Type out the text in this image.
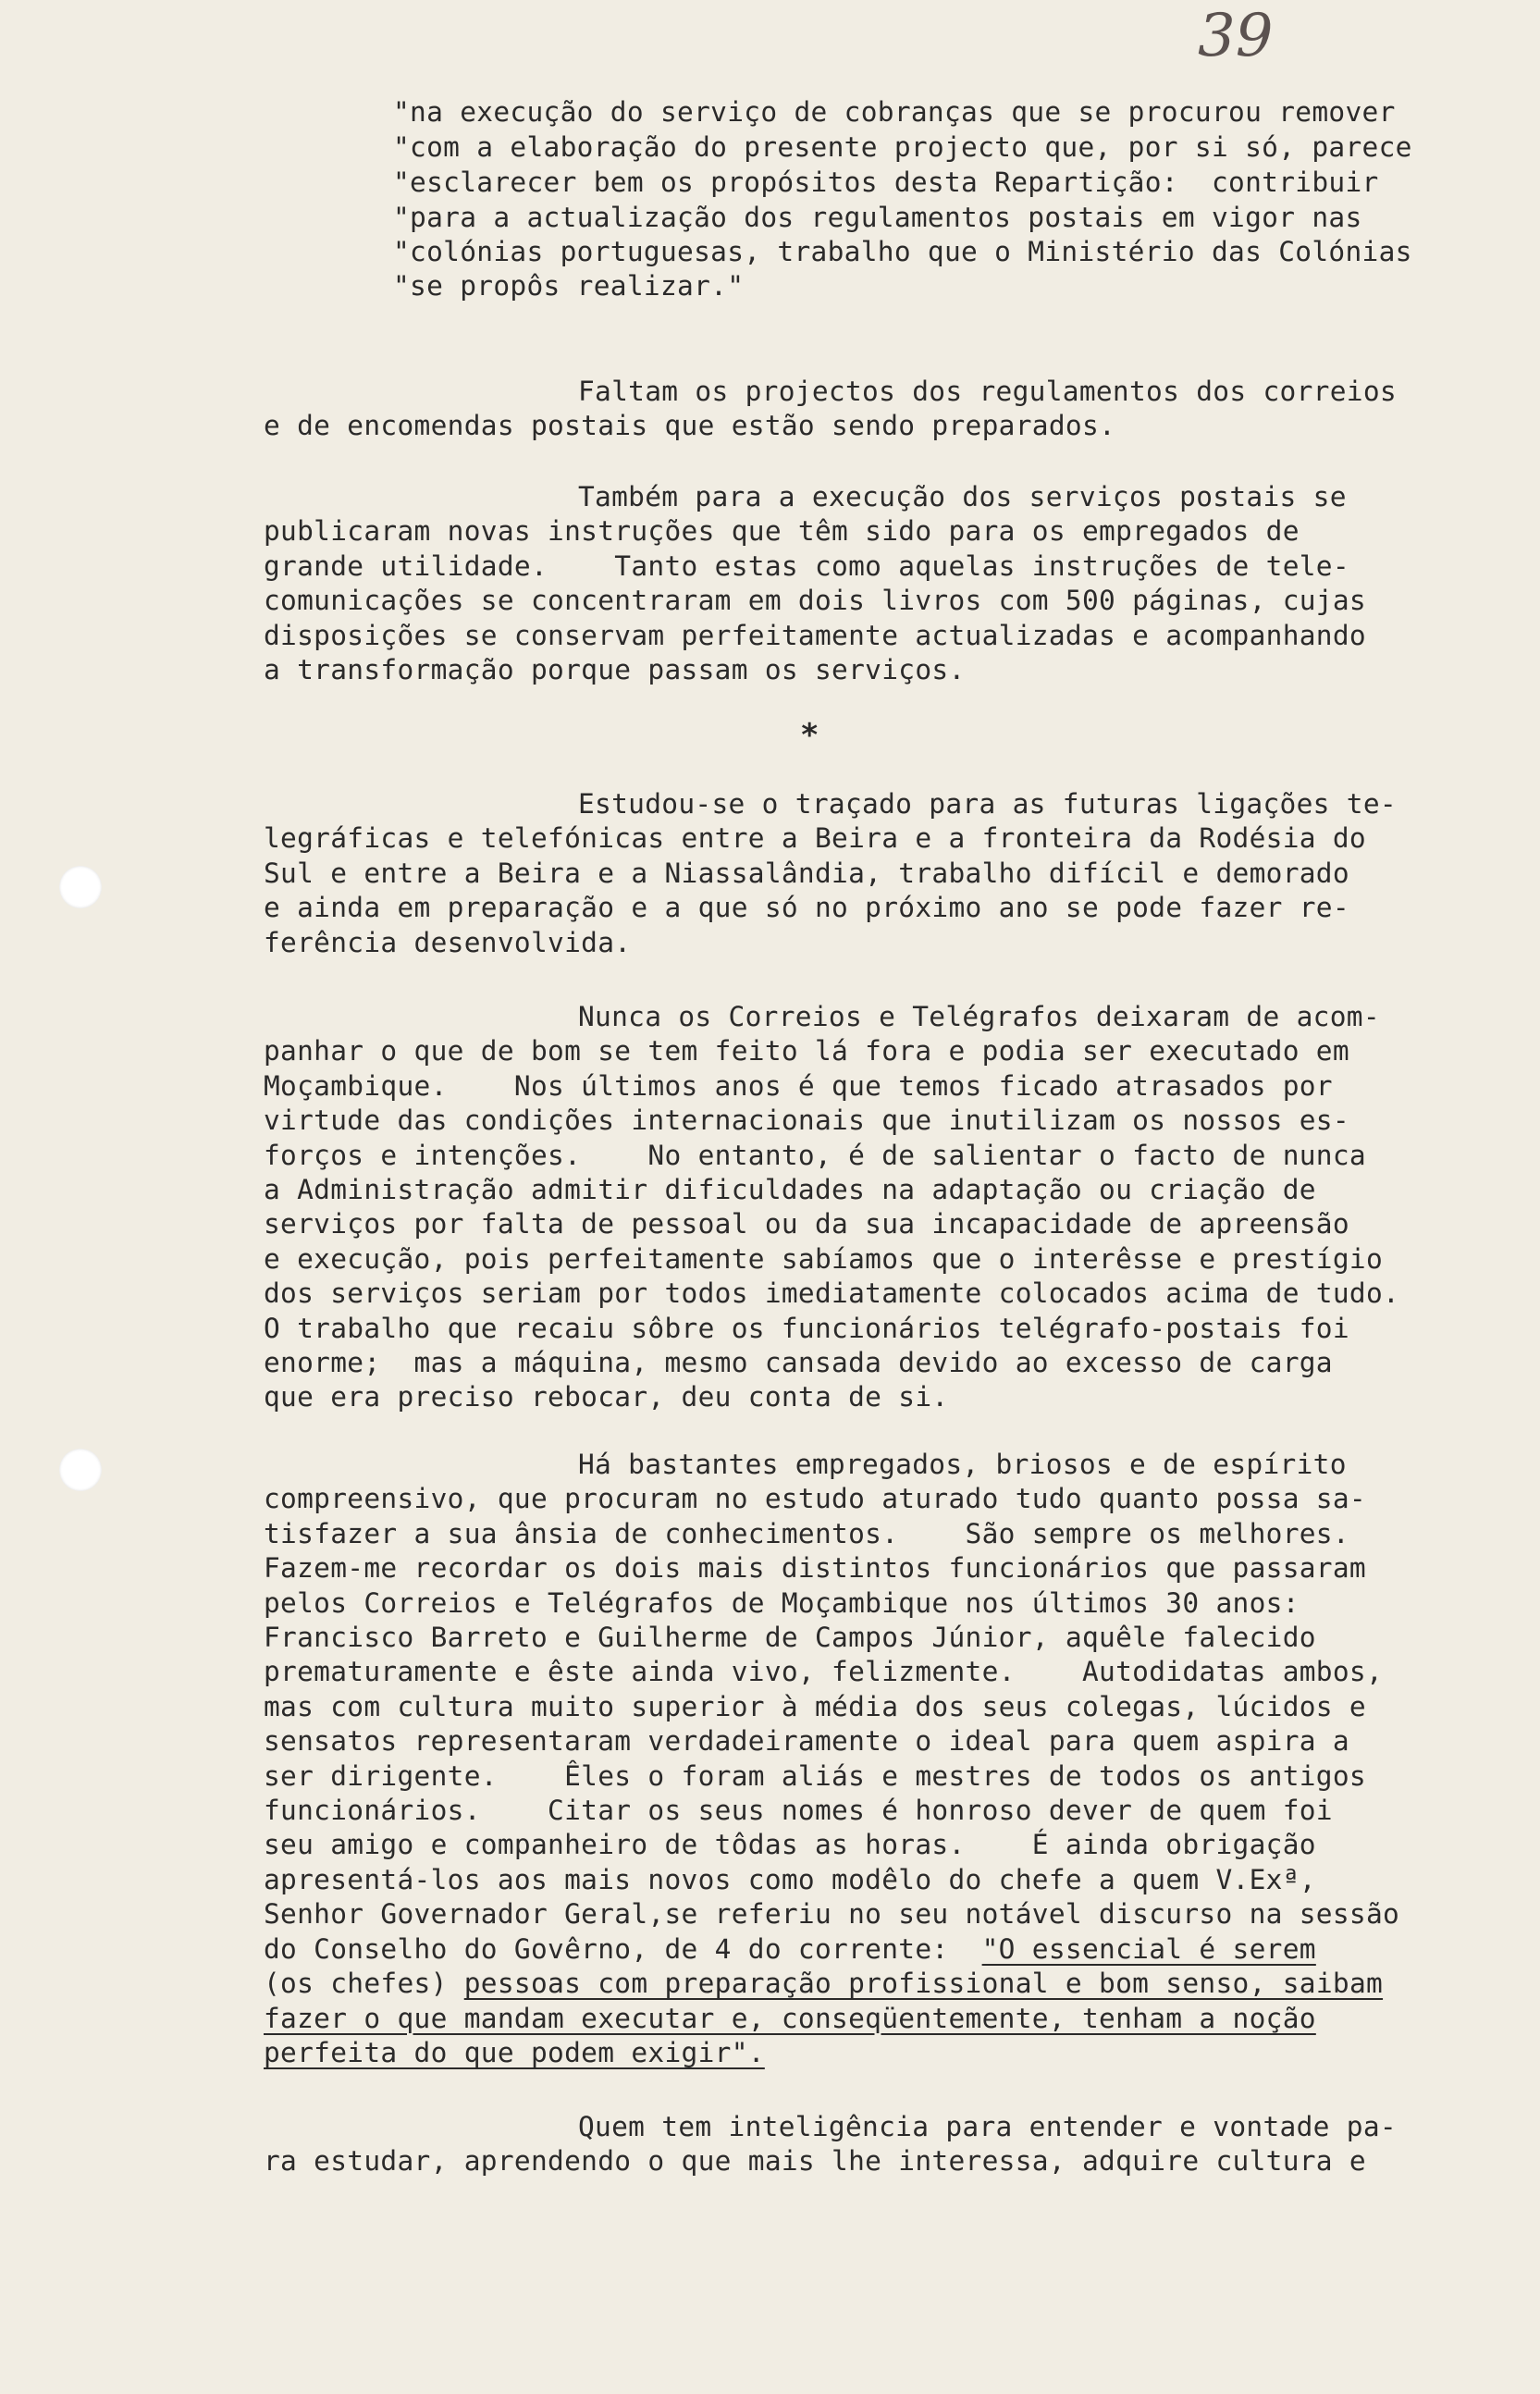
39
"na execução do serviço de cobranças que se procurou remover
"com a elaboração do presente projecto que, por si só, parece
"esclarecer bem os propósitos desta Repartição:  contribuir
"para a actualização dos regulamentos postais em vigor nas
"colónias portuguesas, trabalho que o Ministério das Colónias
"se propôs realizar."
Faltam os projectos dos regulamentos dos correios
e de encomendas postais que estão sendo preparados.
Também para a execução dos serviços postais se
publicaram novas instruções que têm sido para os empregados de
grande utilidade.    Tanto estas como aquelas instruções de tele-
comunicações se concentraram em dois livros com 500 páginas, cujas
disposições se conservam perfeitamente actualizadas e acompanhando
a transformação porque passam os serviços.
*
Estudou-se o traçado para as futuras ligações te-
legráficas e telefónicas entre a Beira e a fronteira da Rodésia do
Sul e entre a Beira e a Niassalândia, trabalho difícil e demorado
e ainda em preparação e a que só no próximo ano se pode fazer re-
ferência desenvolvida.
Nunca os Correios e Telégrafos deixaram de acom-
panhar o que de bom se tem feito lá fora e podia ser executado em
Moçambique.    Nos últimos anos é que temos ficado atrasados por
virtude das condições internacionais que inutilizam os nossos es-
forços e intenções.    No entanto, é de salientar o facto de nunca
a Administração admitir dificuldades na adaptação ou criação de
serviços por falta de pessoal ou da sua incapacidade de apreensão
e execução, pois perfeitamente sabíamos que o interêsse e prestígio
dos serviços seriam por todos imediatamente colocados acima de tudo.
O trabalho que recaiu sôbre os funcionários telégrafo-postais foi
enorme;  mas a máquina, mesmo cansada devido ao excesso de carga
que era preciso rebocar, deu conta de si.
Há bastantes empregados, briosos e de espírito
compreensivo, que procuram no estudo aturado tudo quanto possa sa-
tisfazer a sua ânsia de conhecimentos.    São sempre os melhores.
Fazem-me recordar os dois mais distintos funcionários que passaram
pelos Correios e Telégrafos de Moçambique nos últimos 30 anos:
Francisco Barreto e Guilherme de Campos Júnior, aquêle falecido
prematuramente e êste ainda vivo, felizmente.    Autodidatas ambos,
mas com cultura muito superior à média dos seus colegas, lúcidos e
sensatos representaram verdadeiramente o ideal para quem aspira a
ser dirigente.    Êles o foram aliás e mestres de todos os antigos
funcionários.    Citar os seus nomes é honroso dever de quem foi
seu amigo e companheiro de tôdas as horas.    É ainda obrigação
apresentá-los aos mais novos como modêlo do chefe a quem V.Exª,
Senhor Governador Geral,se referiu no seu notável discurso na sessão
do Conselho do Govêrno, de 4 do corrente: "O essencial é serem
(os chefes) pessoas com preparação profissional e bom senso, saibam
fazer o que mandam executar e, conseqüentemente, tenham a noção
perfeita do que podem exigir".
Quem tem inteligência para entender e vontade pa-
ra estudar, aprendendo o que mais lhe interessa, adquire cultura e
